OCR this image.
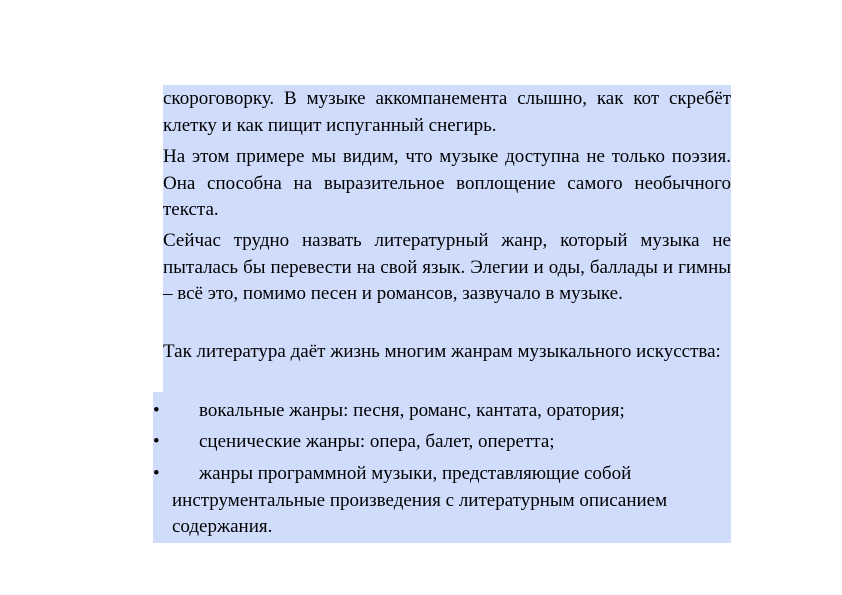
скороговорку. В музыке аккомпанемента слышно, как кот скребёт клетку и как пищит испуганный снегирь.

На этом примере мы видим, что музыке доступна не только поэзия. Она способна на выразительное воплощение самого необычного текста.

Сейчас трудно назвать литературный жанр, который музыка не пыталась бы перевести на свой язык. Элегии и оды, баллады и гимны – всё это, помимо песен и романсов, зазвучало в музыке.

Так литература даёт жизнь многим жанрам музыкального искусства:

•	вокальные жанры: песня, романс, кантата, оратория;
•	сценические жанры: опера, балет, оперетта;
•	жанры программной музыки, представляющие собой инструментальные произведения с литературным описанием содержания.
